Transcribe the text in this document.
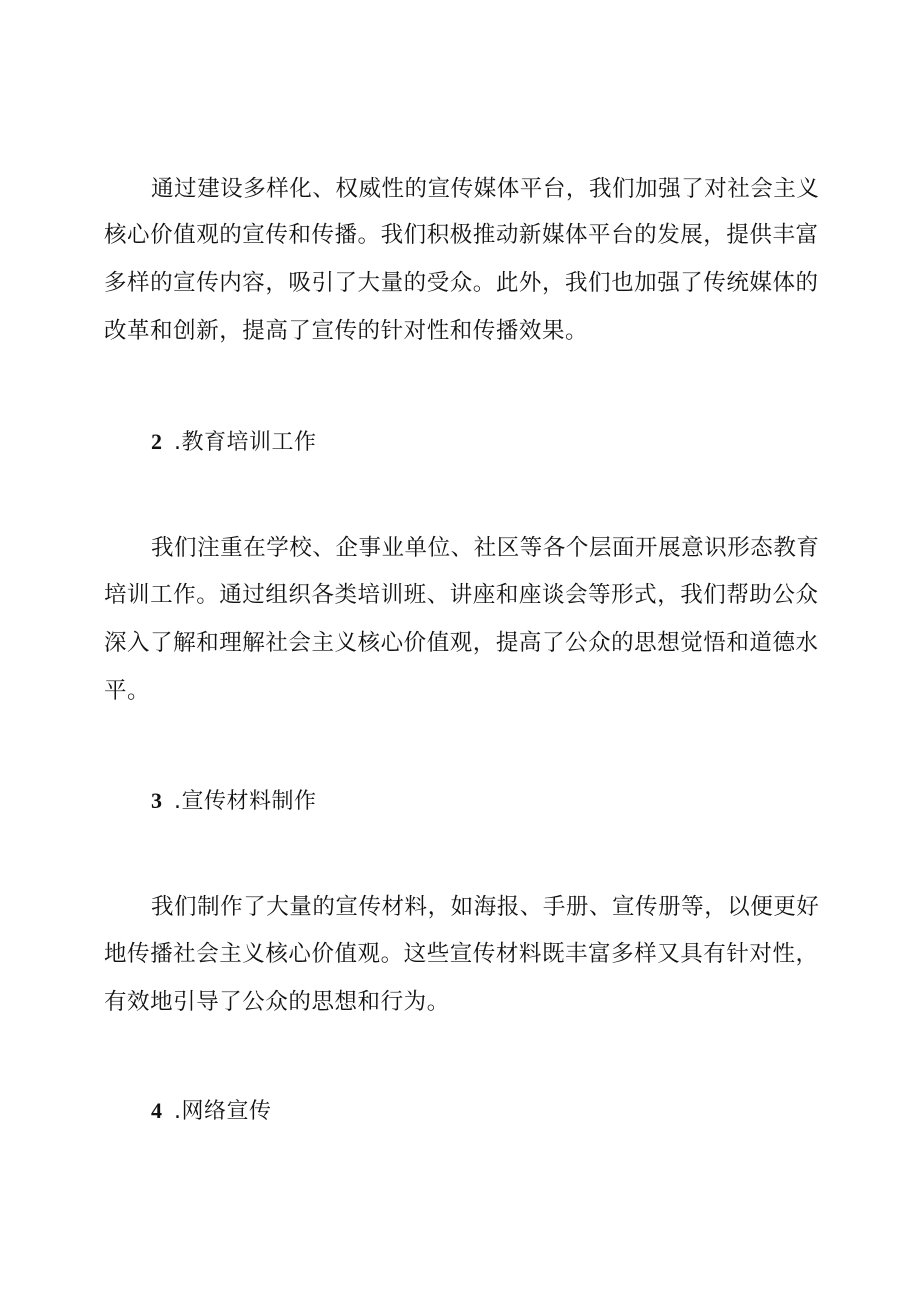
通过建设多样化、权威性的宣传媒体平台，我们加强了对社会主义
核心价值观的宣传和传播。我们积极推动新媒体平台的发展，提供丰富
多样的宣传内容，吸引了大量的受众。此外，我们也加强了传统媒体的
改革和创新，提高了宣传的针对性和传播效果。
2 .教育培训工作
我们注重在学校、企事业单位、社区等各个层面开展意识形态教育
培训工作。通过组织各类培训班、讲座和座谈会等形式，我们帮助公众
深入了解和理解社会主义核心价值观，提高了公众的思想觉悟和道德水
平。
3 .宣传材料制作
我们制作了大量的宣传材料，如海报、手册、宣传册等，以便更好
地传播社会主义核心价值观。这些宣传材料既丰富多样又具有针对性，
有效地引导了公众的思想和行为。
4 .网络宣传
